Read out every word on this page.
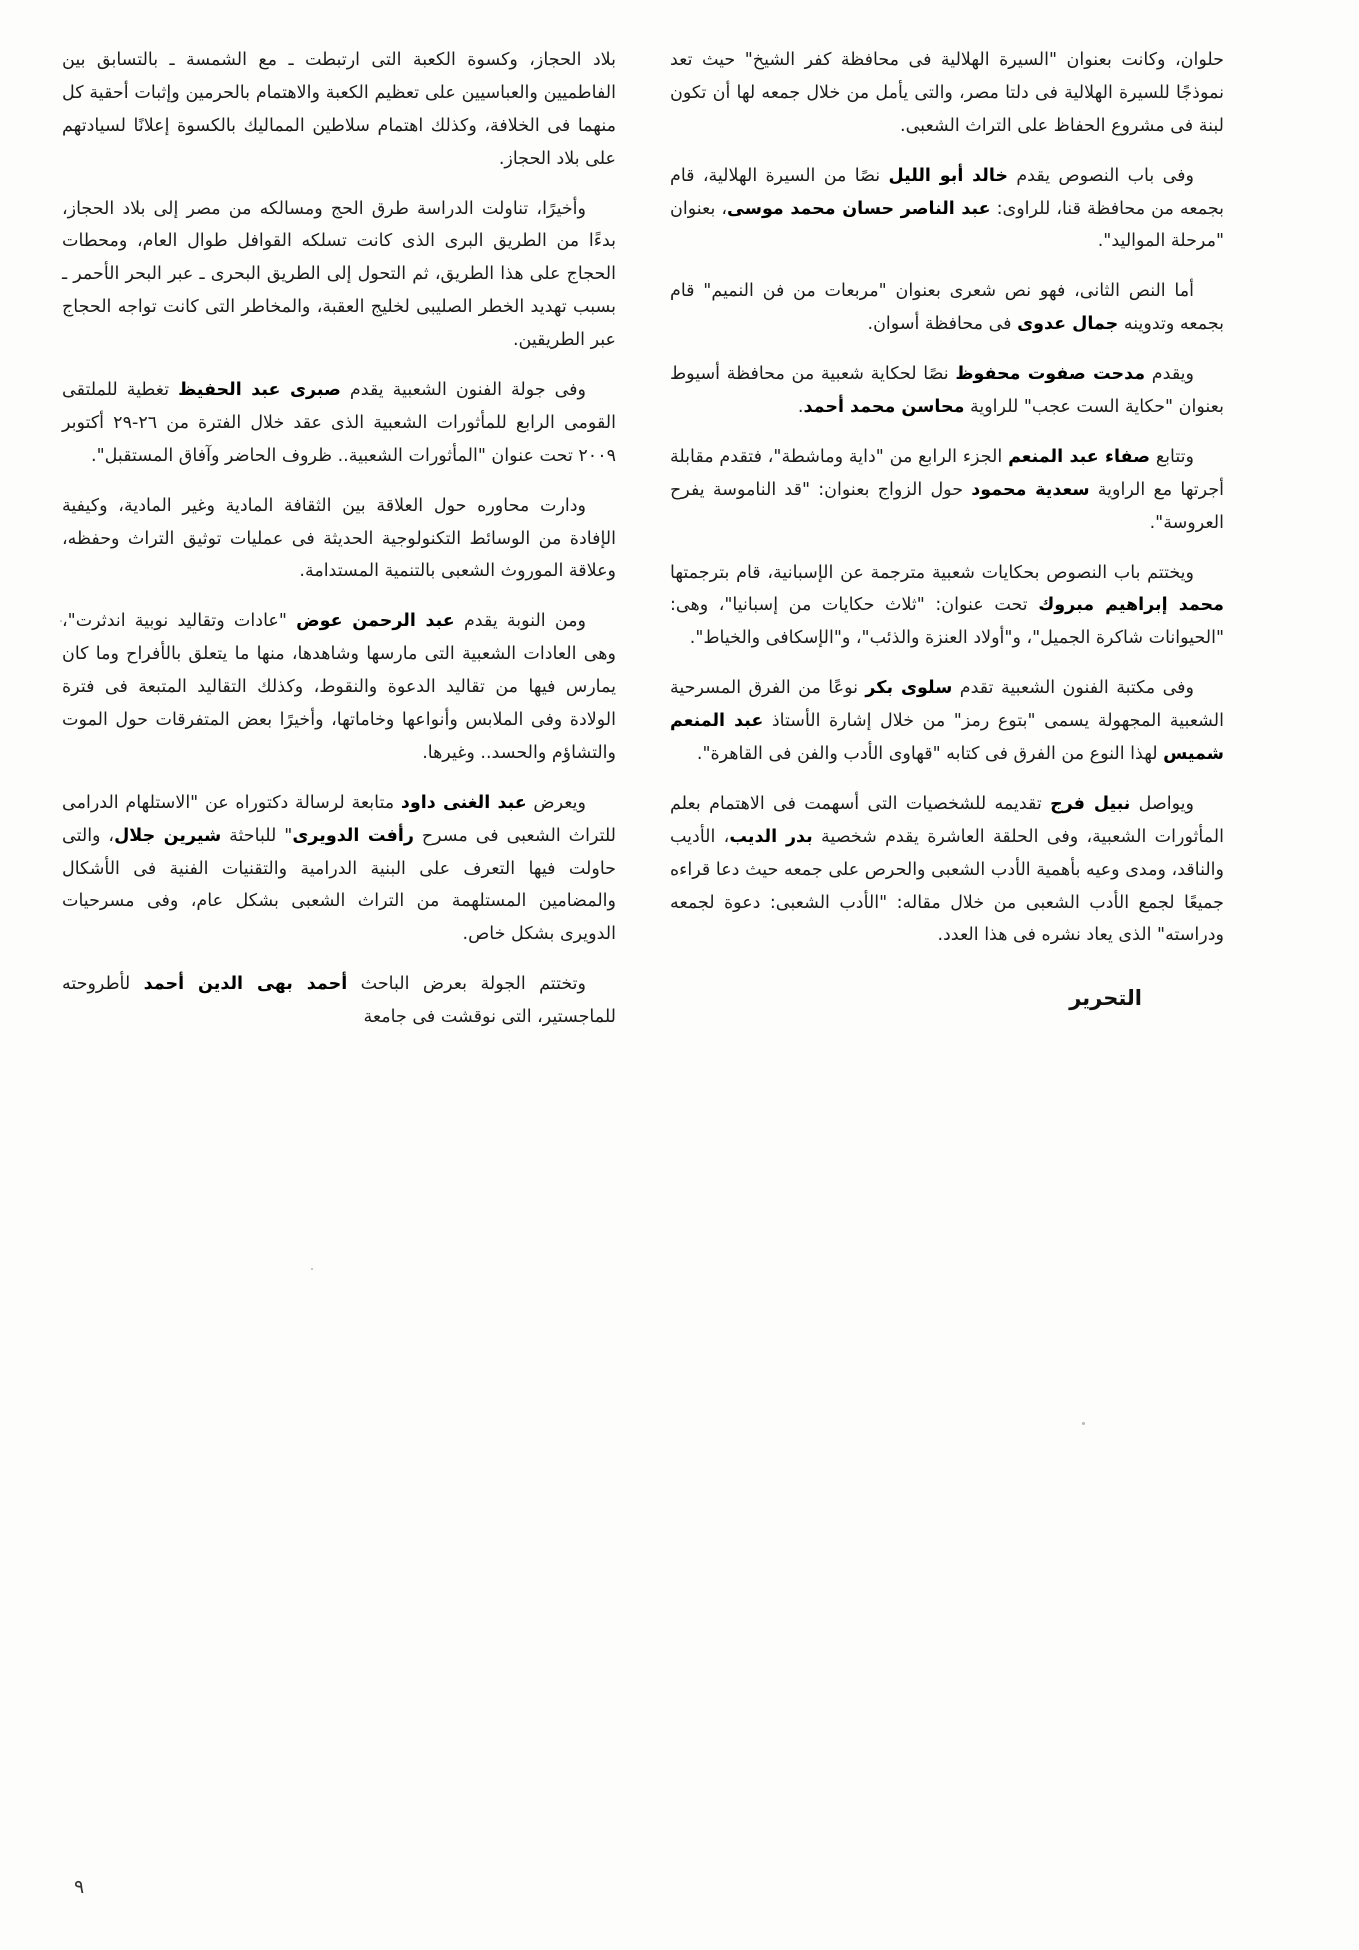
بلاد الحجاز، وكسوة الكعبة التى ارتبطت ـ مع الشمسة ـ بالتسابق بين الفاطميين والعباسيين على تعظيم الكعبة والاهتمام بالحرمين وإثبات أحقية كل منهما فى الخلافة، وكذلك اهتمام سلاطين المماليك بالكسوة إعلانًا لسيادتهم على بلاد الحجاز.

وأخيرًا، تناولت الدراسة طرق الحج ومسالكه من مصر إلى بلاد الحجاز، بدءًا من الطريق البرى الذى كانت تسلكه القوافل طوال العام، ومحطات الحجاج على هذا الطريق، ثم التحول إلى الطريق البحرى ـ عبر البحر الأحمر ـ بسبب تهديد الخطر الصليبى لخليج العقبة، والمخاطر التى كانت تواجه الحجاج عبر الطريقين.

وفى جولة الفنون الشعبية يقدم صبرى عبد الحفيظ تغطية للملتقى القومى الرابع للمأثورات الشعبية الذى عقد خلال الفترة من ٢٦-٢٩ أكتوبر ٢٠٠٩ تحت عنوان "المأثورات الشعبية.. ظروف الحاضر وآفاق المستقبل".

ودارت محاوره حول العلاقة بين الثقافة المادية وغير المادية، وكيفية الإفادة من الوسائط التكنولوجية الحديثة فى عمليات توثيق التراث وحفظه، وعلاقة الموروث الشعبى بالتنمية المستدامة.

ومن النوبة يقدم عبد الرحمن عوض "عادات وتقاليد نوبية اندثرت"، وهى العادات الشعبية التى مارسها وشاهدها، منها ما يتعلق بالأفراح وما كان يمارس فيها من تقاليد الدعوة والنقوط، وكذلك التقاليد المتبعة فى فترة الولادة وفى الملابس وأنواعها وخاماتها، وأخيرًا بعض المتفرقات حول الموت والتشاؤم والحسد.. وغيرها.

ويعرض عبد الغنى داود متابعة لرسالة دكتوراه عن "الاستلهام الدرامى للتراث الشعبى فى مسرح رأفت الدويرى" للباحثة شيرين جلال، والتى حاولت فيها التعرف على البنية الدرامية والتقنيات الفنية فى الأشكال والمضامين المستلهمة من التراث الشعبى بشكل عام، وفى مسرحيات الدويرى بشكل خاص.

وتختتم الجولة بعرض الباحث أحمد بهى الدين أحمد لأطروحته للماجستير، التى نوقشت فى جامعة

حلوان، وكانت بعنوان "السيرة الهلالية فى محافظة كفر الشيخ" حيث تعد نموذجًا للسيرة الهلالية فى دلتا مصر، والتى يأمل من خلال جمعه لها أن تكون لبنة فى مشروع الحفاظ على التراث الشعبى.

وفى باب النصوص يقدم خالد أبو الليل نصًا من السيرة الهلالية، قام بجمعه من محافظة قنا، للراوى: عبد الناصر حسان محمد موسى، بعنوان "مرحلة المواليد".

أما النص الثانى، فهو نص شعرى بعنوان "مربعات من فن النميم" قام بجمعه وتدوينه جمال عدوى فى محافظة أسوان.

ويقدم مدحت صفوت محفوظ نصًا لحكاية شعبية من محافظة أسيوط بعنوان "حكاية الست عجب" للراوية محاسن محمد أحمد.

وتتابع صفاء عبد المنعم الجزء الرابع من "داية وماشطة"، فتقدم مقابلة أجرتها مع الراوية سعدية محمود حول الزواج بعنوان: "قد الناموسة يفرح العروسة".

ويختتم باب النصوص بحكايات شعبية مترجمة عن الإسبانية، قام بترجمتها محمد إبراهيم مبروك تحت عنوان: "ثلاث حكايات من إسبانيا"، وهى: "الحيوانات شاكرة الجميل"، و"أولاد العنزة والذئب"، و"الإسكافى والخياط".

وفى مكتبة الفنون الشعبية تقدم سلوى بكر نوعًا من الفرق المسرحية الشعبية المجهولة يسمى "بتوع رمز" من خلال إشارة الأستاذ عبد المنعم شميس لهذا النوع من الفرق فى كتابه "قهاوى الأدب والفن فى القاهرة".

ويواصل نبيل فرج تقديمه للشخصيات التى أسهمت فى الاهتمام بعلم المأثورات الشعبية، وفى الحلقة العاشرة يقدم شخصية بدر الديب، الأديب والناقد، ومدى وعيه بأهمية الأدب الشعبى والحرص على جمعه حيث دعا قراءه جميعًا لجمع الأدب الشعبى من خلال مقاله: "الأدب الشعبى: دعوة لجمعه ودراسته" الذى يعاد نشره فى هذا العدد.

التحرير
٩
